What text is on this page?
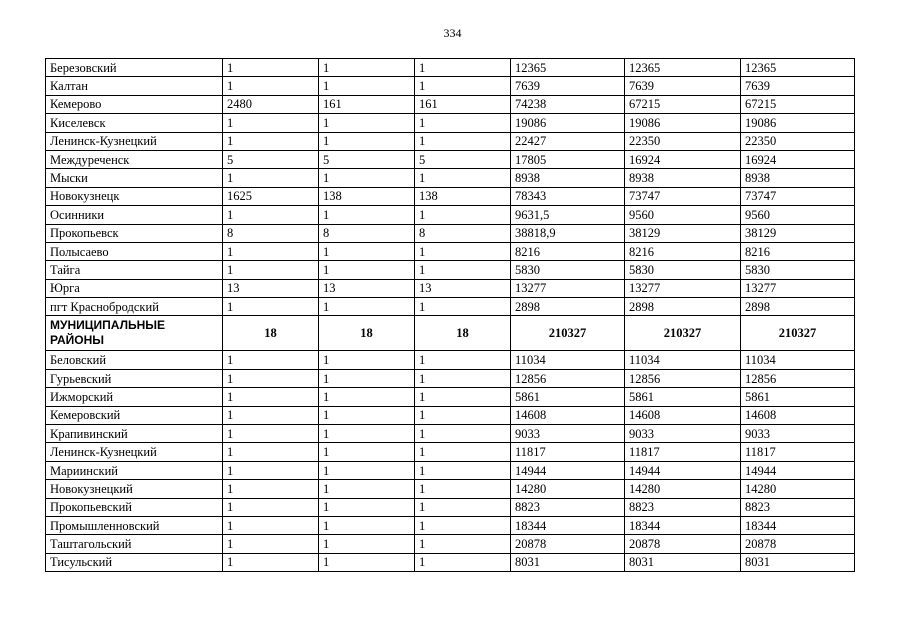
334
Березовский	1	1	1	12365	12365	12365
Калтан	1	1	1	7639	7639	7639
Кемерово	2480	161	161	74238	67215	67215
Киселевск	1	1	1	19086	19086	19086
Ленинск-Кузнецкий	1	1	1	22427	22350	22350
Междуреченск	5	5	5	17805	16924	16924
Мыски	1	1	1	8938	8938	8938
Новокузнецк	1625	138	138	78343	73747	73747
Осинники	1	1	1	9631,5	9560	9560
Прокопьевск	8	8	8	38818,9	38129	38129
Полысаево	1	1	1	8216	8216	8216
Тайга	1	1	1	5830	5830	5830
Юрга	13	13	13	13277	13277	13277
пгт Краснобродский	1	1	1	2898	2898	2898
МУНИЦИПАЛЬНЫЕ РАЙОНЫ	18	18	18	210327	210327	210327
Беловский	1	1	1	11034	11034	11034
Гурьевский	1	1	1	12856	12856	12856
Ижморский	1	1	1	5861	5861	5861
Кемеровский	1	1	1	14608	14608	14608
Крапивинский	1	1	1	9033	9033	9033
Ленинск-Кузнецкий	1	1	1	11817	11817	11817
Мариинский	1	1	1	14944	14944	14944
Новокузнецкий	1	1	1	14280	14280	14280
Прокопьевский	1	1	1	8823	8823	8823
Промышленновский	1	1	1	18344	18344	18344
Таштагольский	1	1	1	20878	20878	20878
Тисульский	1	1	1	8031	8031	8031
